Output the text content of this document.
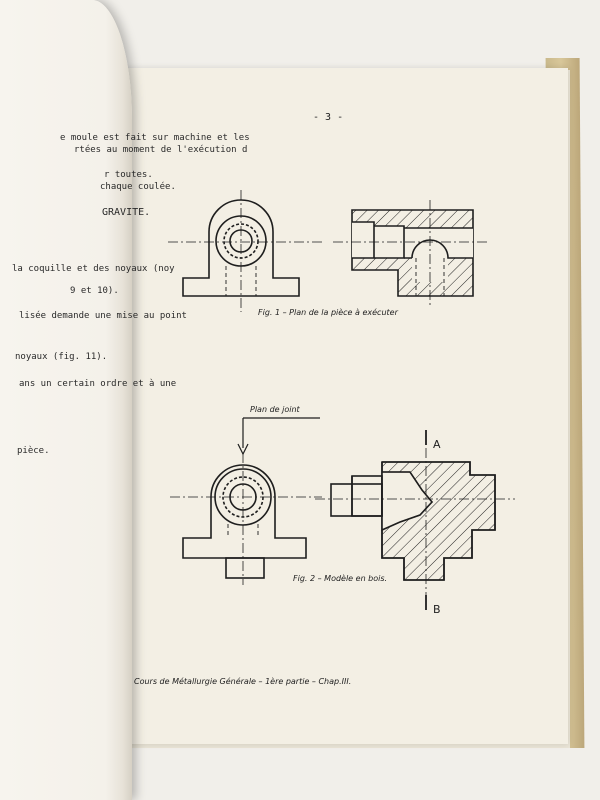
- 3 -
Fig. 1 – Plan de la pièce à exécuter
Plan de joint
A
B
Fig. 2 – Modèle en bois.
Cours de Métallurgie Générale – 1ère partie – Chap.III.
e moule est fait sur machine et les
rtées au moment de l'exécution d
r toutes.
chaque coulée.
GRAVITE.
la coquille et des noyaux (noy
9 et 10).
lisée demande une mise au point
noyaux (fig. 11).
ans un certain ordre et à une
pièce.
